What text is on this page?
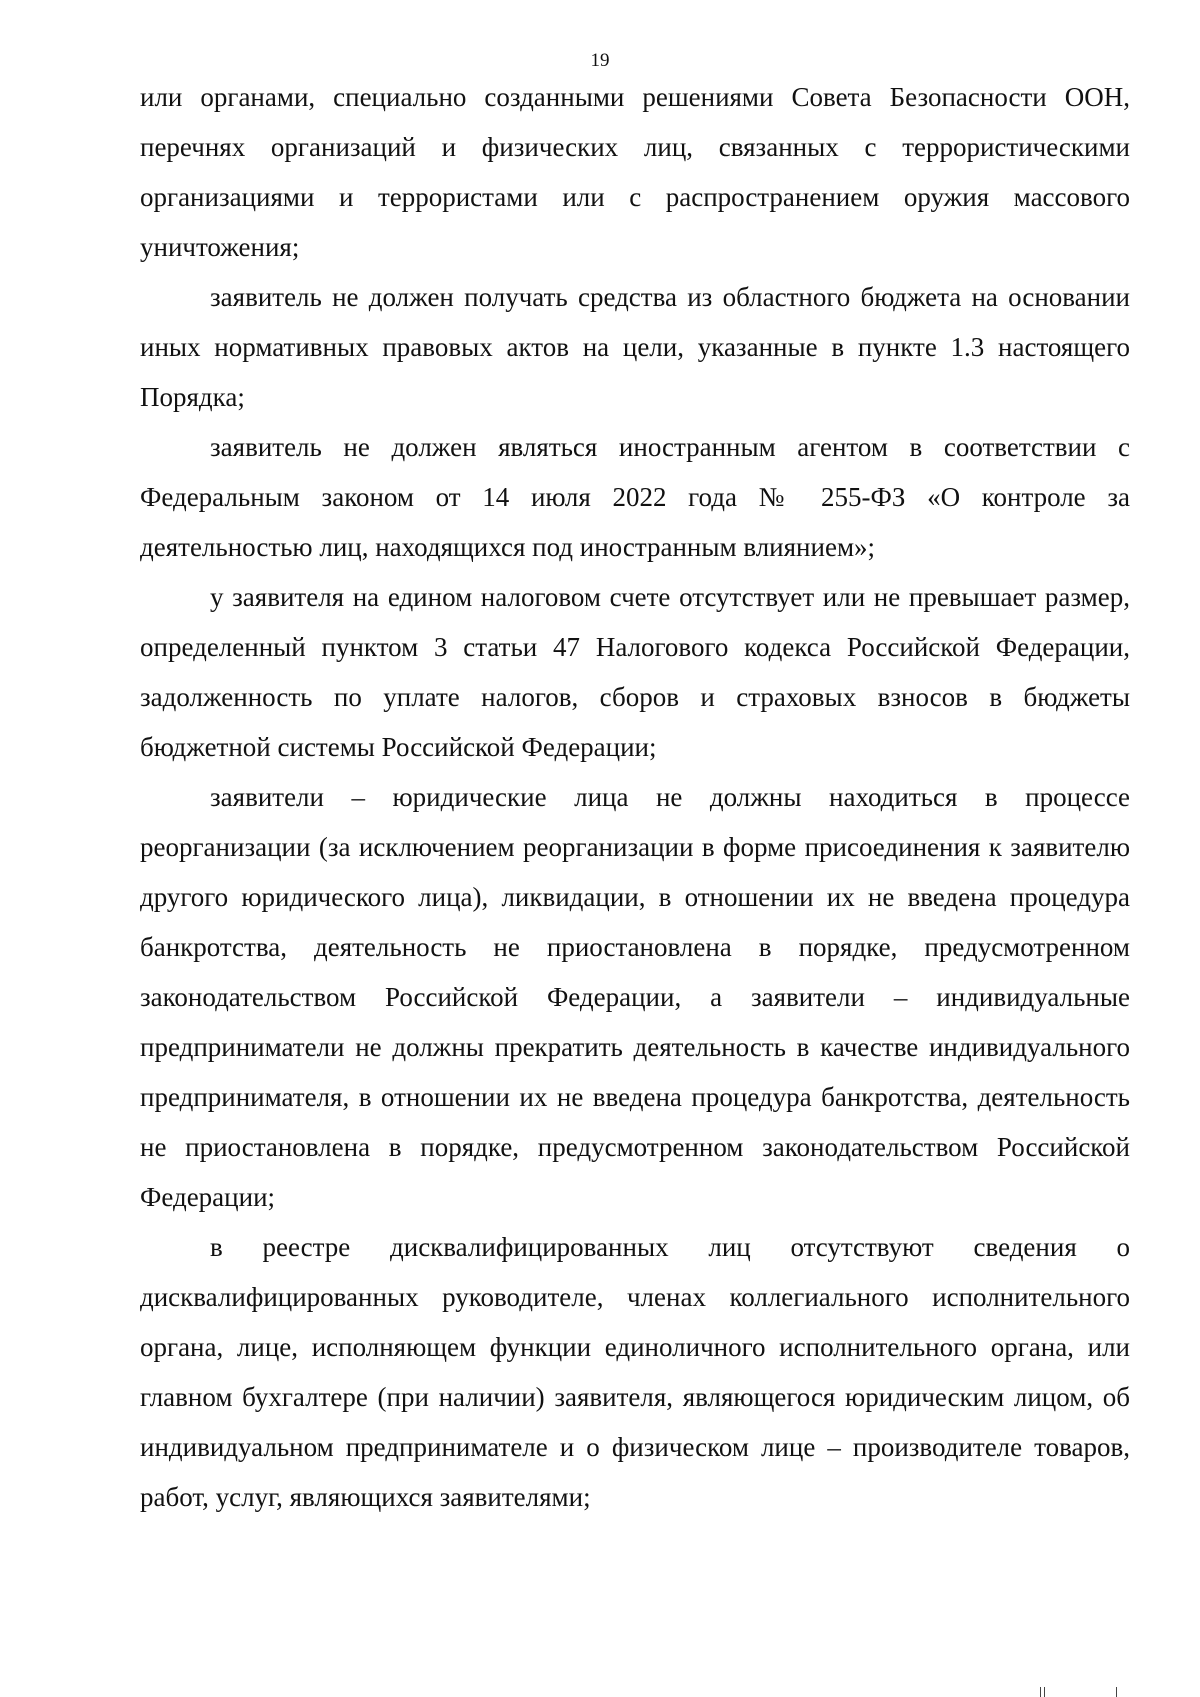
19

или органами, специально созданными решениями Совета Безопасности ООН, перечнях организаций и физических лиц, связанных с террористическими организациями и террористами или с распространением оружия массового уничтожения;

заявитель не должен получать средства из областного бюджета на основании иных нормативных правовых актов на цели, указанные в пункте 1.3 настоящего Порядка;

заявитель не должен являться иностранным агентом в соответствии с Федеральным законом от 14 июля 2022 года № 255-ФЗ «О контроле за деятельностью лиц, находящихся под иностранным влиянием»;

у заявителя на едином налоговом счете отсутствует или не превышает размер, определенный пунктом 3 статьи 47 Налогового кодекса Российской Федерации, задолженность по уплате налогов, сборов и страховых взносов в бюджеты бюджетной системы Российской Федерации;

заявители – юридические лица не должны находиться в процессе реорганизации (за исключением реорганизации в форме присоединения к заявителю другого юридического лица), ликвидации, в отношении их не введена процедура банкротства, деятельность не приостановлена в порядке, предусмотренном законодательством Российской Федерации, а заявители – индивидуальные предприниматели не должны прекратить деятельность в качестве индивидуального предпринимателя, в отношении их не введена процедура банкротства, деятельность не приостановлена в порядке, предусмотренном законодательством Российской Федерации;

в реестре дисквалифицированных лиц отсутствуют сведения о дисквалифицированных руководителе, членах коллегиального исполнительного органа, лице, исполняющем функции единоличного исполнительного органа, или главном бухгалтере (при наличии) заявителя, являющегося юридическим лицом, об индивидуальном предпринимателе и о физическом лице – производителе товаров, работ, услуг, являющихся заявителями;
